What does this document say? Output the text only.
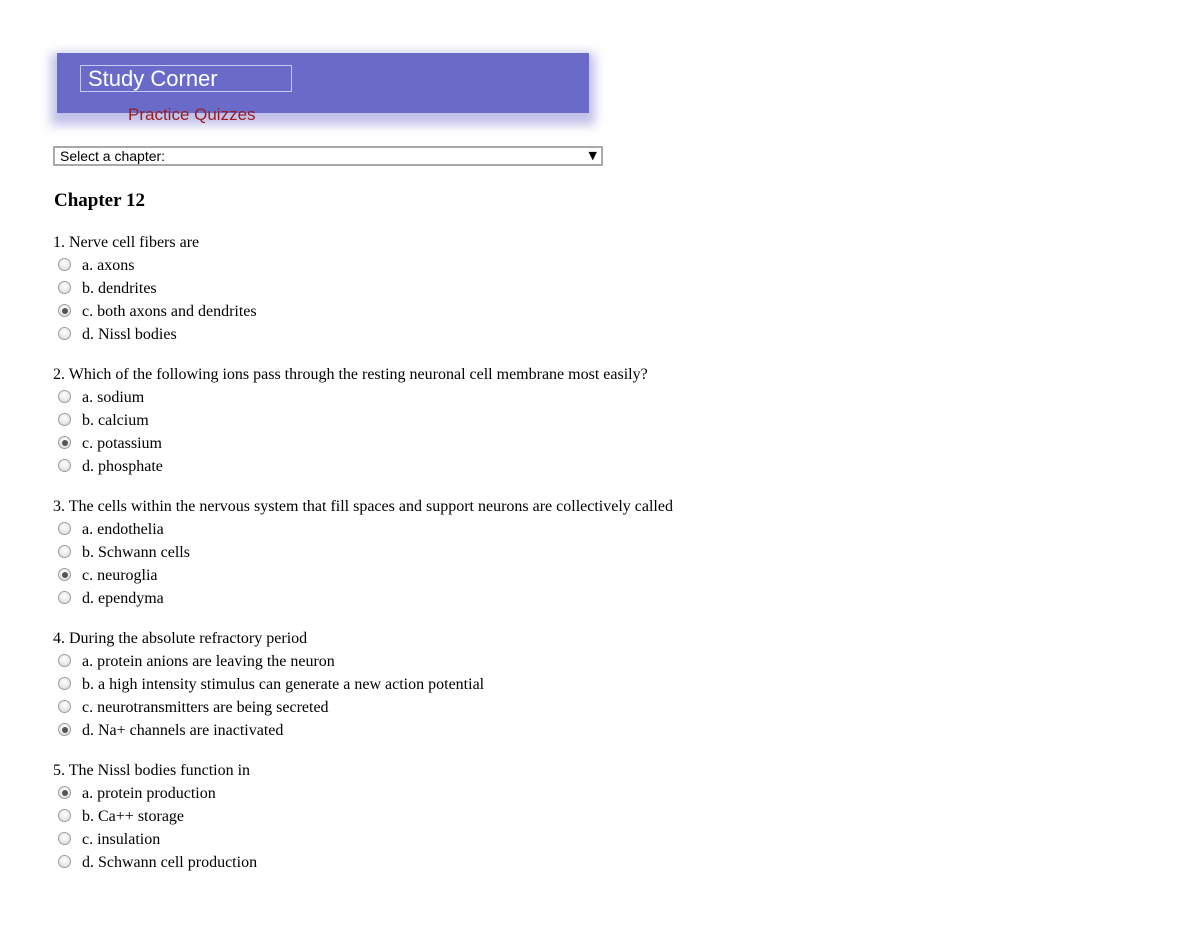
Study Corner
Practice Quizzes
Select a chapter:	▼
Chapter 12
1. Nerve cell fibers are
a. axons
b. dendrites
c. both axons and dendrites
d. Nissl bodies
2. Which of the following ions pass through the resting neuronal cell membrane most easily?
a. sodium
b. calcium
c. potassium
d. phosphate
3. The cells within the nervous system that fill spaces and support neurons are collectively called
a. endothelia
b. Schwann cells
c. neuroglia
d. ependyma
4. During the absolute refractory period
a. protein anions are leaving the neuron
b. a high intensity stimulus can generate a new action potential
c. neurotransmitters are being secreted
d. Na+ channels are inactivated
5. The Nissl bodies function in
a. protein production
b. Ca++ storage
c. insulation
d. Schwann cell production
